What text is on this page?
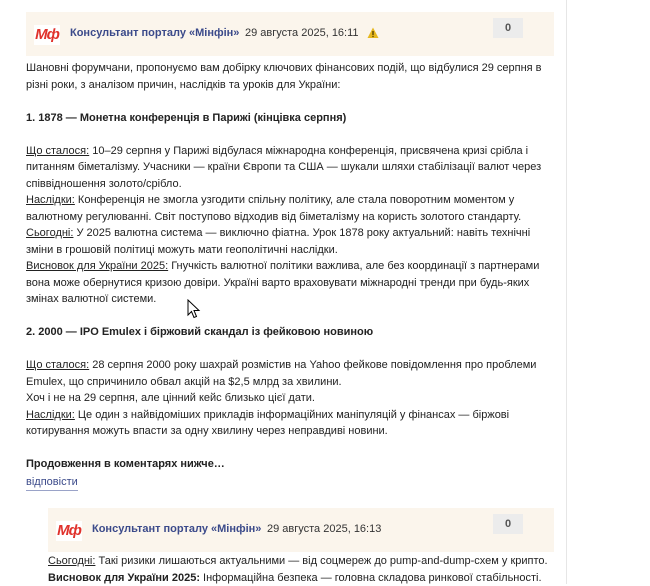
Мф Консультант порталу «Мінфін» 29 августа 2025, 16:11	0

Шановні форумчани, пропонуємо вам добірку ключових фінансових подій, що відбулися 29 серпня в різні роки, з аналізом причин, наслідків та уроків для України:

1. 1878 — Монетна конференція в Парижі (кінцівка серпня)

Що сталося: 10–29 серпня у Парижі відбулася міжнародна конференція, присвячена кризі срібла і питанням біметалізму. Учасники — країни Європи та США — шукали шляхи стабілізації валют через співвідношення золото/срібло.

Наслідки: Конференція не змогла узгодити спільну політику, але стала поворотним моментом у валютному регулюванні. Світ поступово відходив від біметалізму на користь золотого стандарту.

Сьогодні: У 2025 валютна система — виключно фіатна. Урок 1878 року актуальний: навіть технічні зміни в грошовій політиці можуть мати геополітичні наслідки.

Висновок для України 2025: Гнучкість валютної політики важлива, але без координації з партнерами вона може обернутися кризою довіри. Україні варто враховувати міжнародні тренди при будь-яких змінах валютної системи.

2. 2000 — IPO Emulex і біржовий скандал із фейковою новиною

Що сталося: 28 серпня 2000 року шахрай розмістив на Yahoo фейкове повідомлення про проблеми Emulex, що спричинило обвал акцій на $2,5 млрд за хвилини.

Хоч і не на 29 серпня, але цінний кейс близько цієї дати.

Наслідки: Це один з найвідоміших прикладів інформаційних маніпуляцій у фінансах — біржові котирування можуть впасти за одну хвилину через неправдиві новини.

Продовження в коментарях нижче…

відповісти
Мф Консультант порталу «Мінфін» 29 августа 2025, 16:13	0

Сьогодні: Такі ризики лишаються актуальними — від соцмереж до pump-and-dump-схем у крипто.

Висновок для України 2025: Інформаційна безпека — головна складова ринкової стабільності.
